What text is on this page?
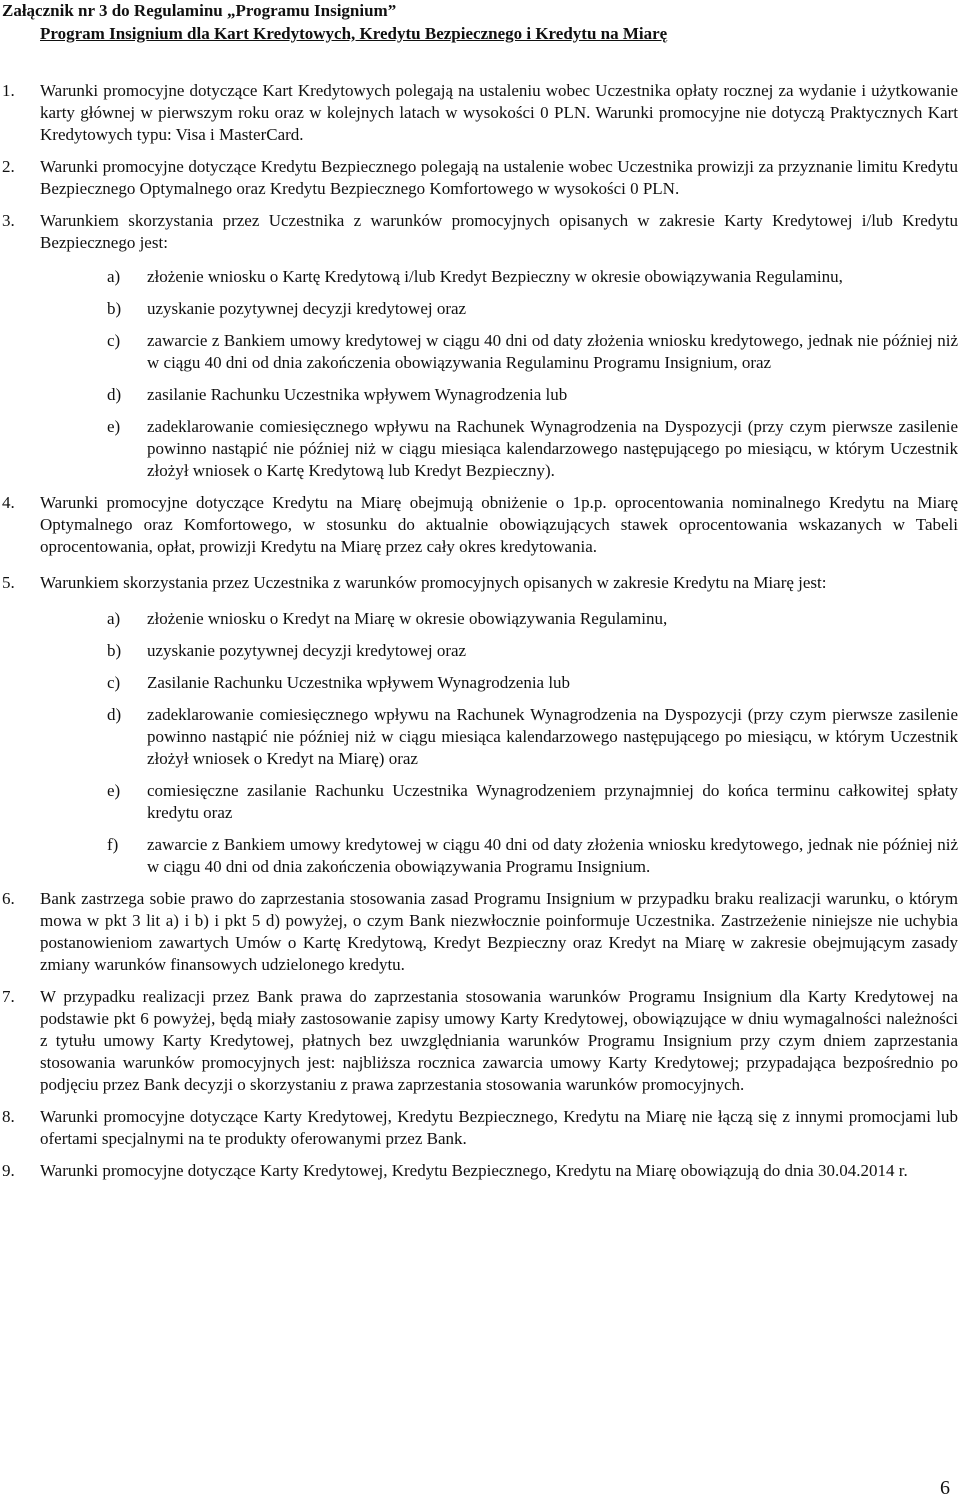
Załącznik nr 3 do Regulaminu „Programu Insignium”
Program Insignium dla Kart Kredytowych, Kredytu Bezpiecznego i Kredytu na Miarę
1.	Warunki promocyjne dotyczące Kart Kredytowych polegają na ustaleniu wobec Uczestnika opłaty rocznej za wydanie i użytkowanie karty głównej w pierwszym roku oraz w kolejnych latach w wysokości 0 PLN. Warunki promocyjne nie dotyczą Praktycznych Kart Kredytowych typu: Visa i MasterCard.
2.	Warunki promocyjne dotyczące Kredytu Bezpiecznego polegają na ustalenie wobec Uczestnika prowizji za przyznanie limitu Kredytu Bezpiecznego Optymalnego oraz Kredytu Bezpiecznego Komfortowego w wysokości 0 PLN.
3.	Warunkiem skorzystania przez Uczestnika z warunków promocyjnych opisanych w zakresie Karty Kredytowej i/lub Kredytu Bezpiecznego jest:
a)	złożenie wniosku o Kartę Kredytową i/lub Kredyt Bezpieczny w okresie obowiązywania Regulaminu,
b)	uzyskanie pozytywnej decyzji kredytowej oraz
c)	zawarcie z Bankiem umowy kredytowej w ciągu 40 dni od daty złożenia wniosku kredytowego, jednak nie później niż w ciągu 40 dni od dnia zakończenia obowiązywania Regulaminu Programu Insignium, oraz
d)	zasilanie Rachunku Uczestnika wpływem Wynagrodzenia lub
e)	zadeklarowanie comiesięcznego wpływu na Rachunek Wynagrodzenia na Dyspozycji (przy czym pierwsze zasilenie powinno nastąpić nie później niż w ciągu miesiąca kalendarzowego następującego po miesiącu, w którym Uczestnik złożył wniosek o Kartę Kredytową lub Kredyt Bezpieczny).
4.	Warunki promocyjne dotyczące Kredytu na Miarę obejmują obniżenie o 1p.p. oprocentowania nominalnego Kredytu na Miarę Optymalnego oraz Komfortowego, w stosunku do aktualnie obowiązujących stawek oprocentowania wskazanych w Tabeli oprocentowania, opłat, prowizji Kredytu na Miarę przez cały okres kredytowania.
5.	Warunkiem skorzystania przez Uczestnika z warunków promocyjnych opisanych w zakresie Kredytu na Miarę jest:
a)	złożenie wniosku o Kredyt na Miarę w okresie obowiązywania Regulaminu,
b)	uzyskanie pozytywnej decyzji kredytowej oraz
c)	Zasilanie Rachunku Uczestnika wpływem Wynagrodzenia lub
d)	zadeklarowanie comiesięcznego wpływu na Rachunek Wynagrodzenia na Dyspozycji (przy czym pierwsze zasilenie powinno nastąpić nie później niż w ciągu miesiąca kalendarzowego następującego po miesiącu, w którym Uczestnik złożył wniosek o Kredyt na Miarę) oraz
e)	comiesięczne zasilanie Rachunku Uczestnika Wynagrodzeniem przynajmniej do końca terminu całkowitej spłaty kredytu oraz
f)	zawarcie z Bankiem umowy kredytowej w ciągu 40 dni od daty złożenia wniosku kredytowego, jednak nie później niż w ciągu 40 dni od dnia zakończenia obowiązywania Programu Insignium.
6.	Bank zastrzega sobie prawo do zaprzestania stosowania zasad Programu Insignium w przypadku braku realizacji warunku, o którym mowa w pkt 3 lit a) i b) i pkt 5 d) powyżej, o czym Bank niezwłocznie poinformuje Uczestnika. Zastrzeżenie niniejsze nie uchybia postanowieniom zawartych Umów o Kartę Kredytową, Kredyt Bezpieczny oraz Kredyt na Miarę w zakresie obejmującym zasady zmiany warunków finansowych udzielonego kredytu.
7.	W przypadku realizacji przez Bank prawa do zaprzestania stosowania warunków Programu Insignium dla Karty Kredytowej na podstawie pkt 6 powyżej, będą miały zastosowanie zapisy umowy Karty Kredytowej, obowiązujące w dniu wymagalności należności z tytułu umowy Karty Kredytowej, płatnych bez uwzględniania warunków Programu Insignium przy czym dniem zaprzestania stosowania warunków promocyjnych jest: najbliższa rocznica zawarcia umowy Karty Kredytowej; przypadająca bezpośrednio po podjęciu przez Bank decyzji o skorzystaniu z prawa zaprzestania stosowania warunków promocyjnych.
8.	Warunki promocyjne dotyczące Karty Kredytowej, Kredytu Bezpiecznego, Kredytu na Miarę nie łączą się z innymi promocjami lub ofertami specjalnymi na te produkty oferowanymi przez Bank.
9.	Warunki promocyjne dotyczące Karty Kredytowej, Kredytu Bezpiecznego, Kredytu na Miarę obowiązują do dnia 30.04.2014 r.
6
